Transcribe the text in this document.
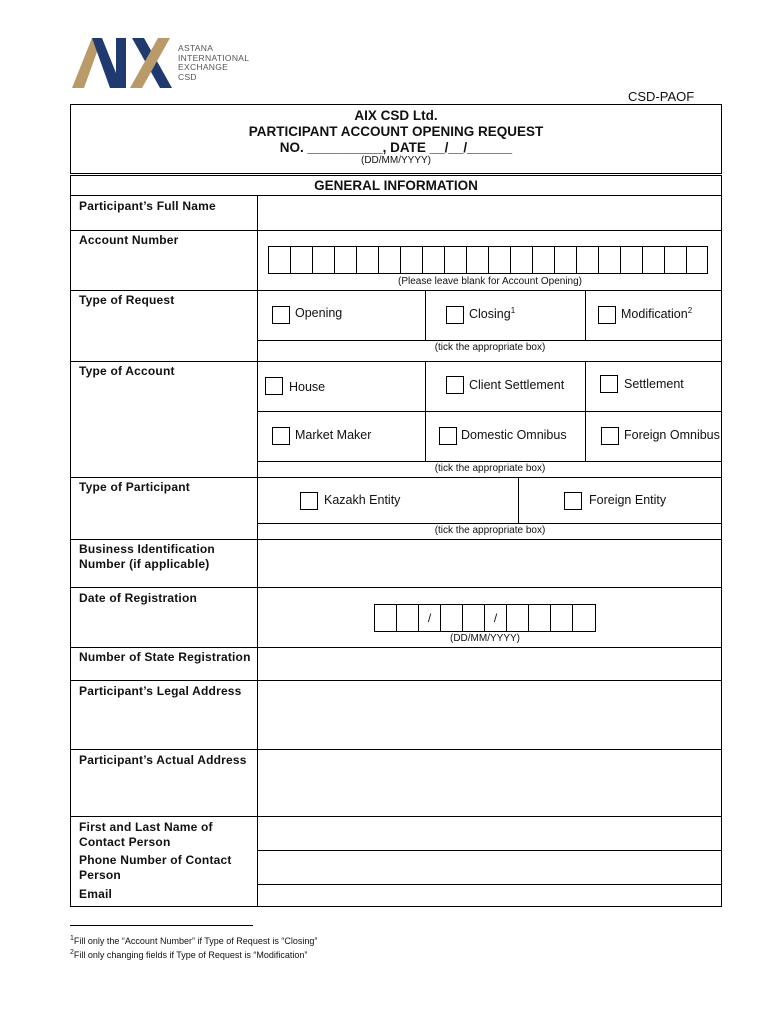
ASTANA
INTERNATIONAL
EXCHANGE
CSD
CSD-PAOF
AIX CSD Ltd.
PARTICIPANT ACCOUNT OPENING REQUEST
NO. __________, DATE __/__/______
(DD/MM/YYYY)
GENERAL INFORMATION
Participant’s Full Name
Account Number
(Please leave blank for Account Opening)
Type of Request
Opening	Closing$^1$	Modification$^2$
(tick the appropriate box)
Type of Account
House	Client Settlement	Settlement
Market Maker	Domestic Omnibus	Foreign Omnibus
(tick the appropriate box)
Type of Participant
Kazakh Entity	Foreign Entity
(tick the appropriate box)
Business Identification Number (if applicable)
Date of Registration
/	/
(DD/MM/YYYY)
Number of State Registration
Participant’s Legal Address
Participant’s Actual Address
First and Last Name of Contact Person
Phone Number of Contact Person
Email
$^1$Fill only the “Account Number” if Type of Request is “Closing”
$^2$Fill only changing fields if Type of Request is “Modification”
